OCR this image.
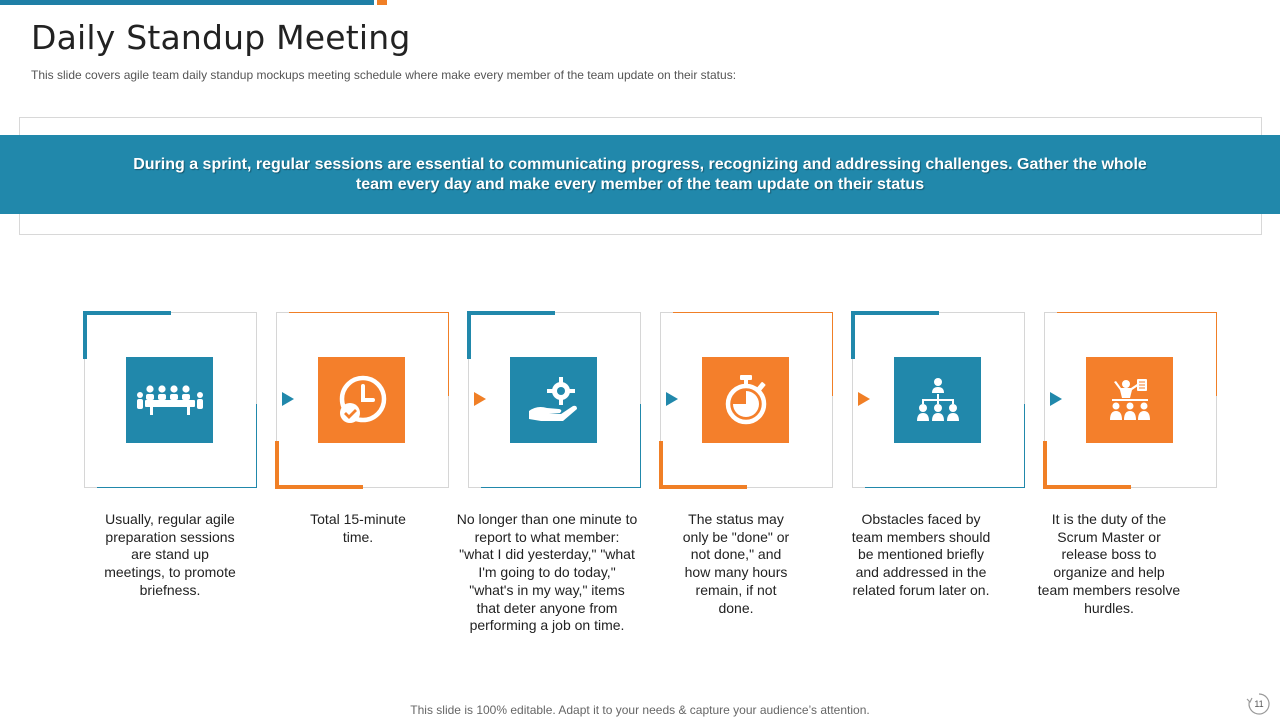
Daily Standup Meeting
This slide covers agile team daily standup mockups meeting schedule where make every member of the team update on their status:
During a sprint, regular sessions are essential to communicating progress, recognizing and addressing challenges. Gather the whole team every day and make every member of the team update on their status
Usually, regular agile preparation sessions are stand up meetings, to promote briefness.
Total 15-minute time.
No longer than one minute to report to what member: "what I did yesterday," "what I'm going to do today," "what's in my way," items that deter anyone from performing a job on time.
The status may only be "done" or not done," and how many hours remain, if not done.
Obstacles faced by team members should be mentioned briefly and addressed in the related forum later on.
It is the duty of the Scrum Master or release boss to organize and help team members resolve hurdles.
This slide is 100% editable. Adapt it to your needs & capture your audience’s attention.	11
